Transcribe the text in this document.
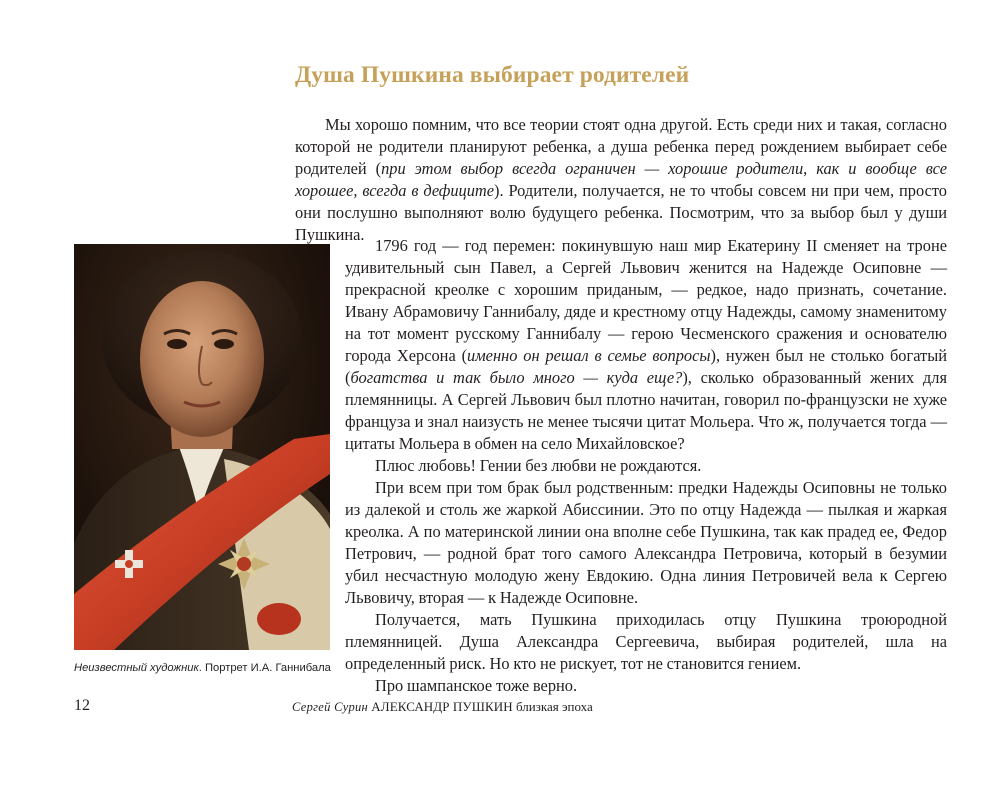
Душа Пушкина выбирает родителей

Мы хорошо помним, что все теории стоят одна другой. Есть среди них и такая, согласно которой не родители планируют ребенка, а душа ребенка перед рождением выбирает себе родителей (при этом выбор всегда ограничен — хорошие родители, как и вообще все хорошее, всегда в дефиците). Родители, получается, не то чтобы совсем ни при чем, просто они послушно выполняют волю будущего ребенка. Посмотрим, что за выбор был у души Пушкина.

Неизвестный художник. Портрет И.А. Ганнибала

1796 год — год перемен: покинувшую наш мир Екатерину II сменяет на троне удивительный сын Павел, а Сергей Львович женится на Надежде Осиповне — прекрасной креолке с хорошим приданым, — редкое, надо признать, сочетание. Ивану Абрамовичу Ганнибалу, дяде и крестному отцу Надежды, самому знаменитому на тот момент русскому Ганнибалу — герою Чесменского сражения и основателю города Херсона (именно он решал в семье вопросы), нужен был не столько богатый (богатства и так было много — куда еще?), сколько образованный жених для племянницы. А Сергей Львович был плотно начитан, говорил по-французски не хуже француза и знал наизусть не менее тысячи цитат Мольера. Что ж, получается тогда — цитаты Мольера в обмен на село Михайловское?

Плюс любовь! Гении без любви не рождаются.

При всем при том брак был родственным: предки Надежды Осиповны не только из далекой и столь же жаркой Абиссинии. Это по отцу Надежда — пылкая и жаркая креолка. А по материнской линии она вполне себе Пушкина, так как прадед ее, Федор Петрович, — родной брат того самого Александра Петровича, который в безумии убил несчастную молодую жену Евдокию. Одна линия Петровичей вела к Сергею Львовичу, вторая — к Надежде Осиповне.

Получается, мать Пушкина приходилась отцу Пушкина троюродной племянницей. Душа Александра Сергеевича, выбирая родителей, шла на определенный риск. Но кто не рискует, тот не становится гением.

Про шампанское тоже верно.

12	Сергей Сурин АЛЕКСАНДР ПУШКИН близкая эпоха
